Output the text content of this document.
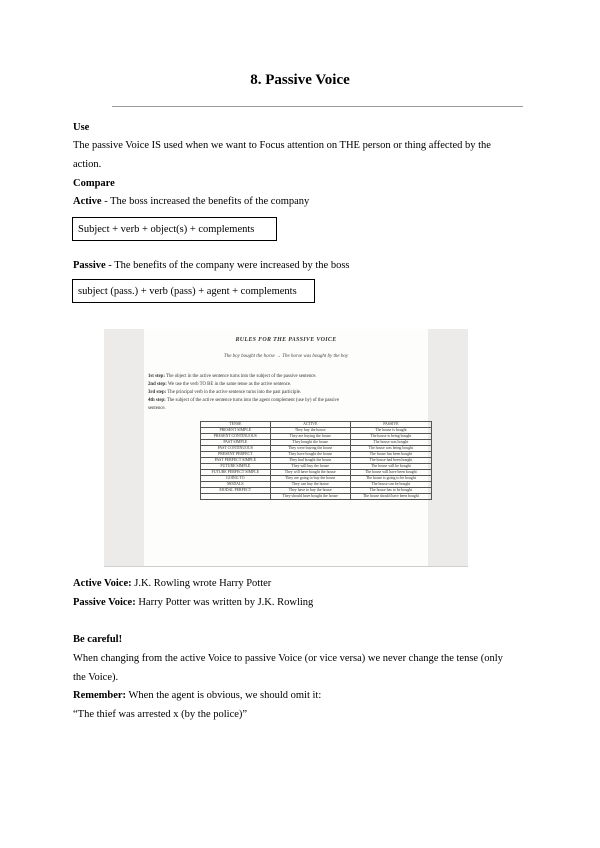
8. Passive Voice
Use
The passive Voice IS used when we want to Focus attention on THE person or thing affected by the
action.
Compare
Active - The boss increased the benefits of the company
Subject + verb + object(s) + complements
Passive - The benefits of the company were increased by the boss
subject (pass.) + verb (pass) + agent + complements
RULES FOR THE PASSIVE VOICE
The boy bought the horse → The horse was bought by the boy
1st step: The object in the active sentence turns into the subject of the passive sentence.
2nd step: We use the verb TO BE in the same tense as the active sentence.
3rd step: The principal verb in the active sentence turns into the past participle.
4th step: The subject of the active sentence turns into the agent complement (use by) of the passive
sentence.
TENSE	ACTIVE	PASSIVE
PRESENT SIMPLE	They buy the house	The house is bought
PRESENT CONTINUOUS	They are buying the house	The house is being bought
PAST SIMPLE	They bought the house	The house was bought
PAST CONTINUOUS	They were buying the house	The house was being bought
PRESENT PERFECT	They have bought the house	The house has been bought
PAST PERFECT SIMPLE	They had bought the house	The house had been bought
FUTURE SIMPLE	They will buy the house	The house will be bought
FUTURE PERFECT SIMPLE	They will have bought the house	The house will have been bought
GOING TO	They are going to buy the house	The house is going to be bought
MODALS	They can buy the house	The house can be bought
MODAL PERFECT	They have to buy the house	The house has to be bought
	They should have bought the house	The house should have been bought
Active Voice: J.K. Rowling wrote Harry Potter
Passive Voice: Harry Potter was written by J.K. Rowling
Be careful!
When changing from the active Voice to passive Voice (or vice versa) we never change the tense (only
the Voice).
Remember: When the agent is obvious, we should omit it:
“The thief was arrested x (by the police)”
